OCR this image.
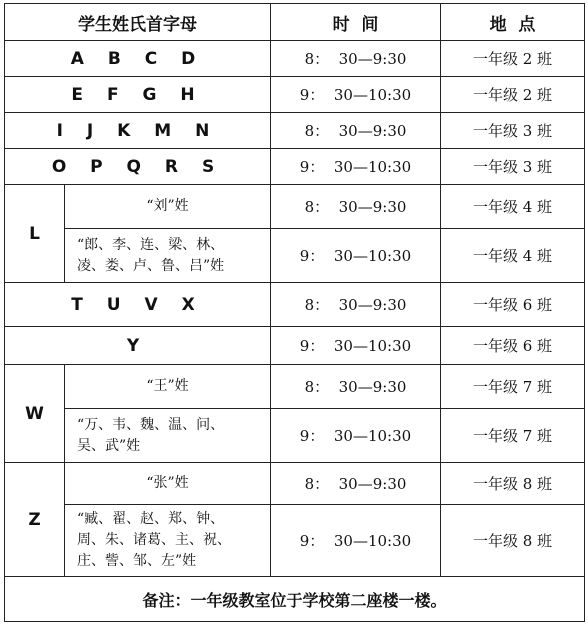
学生姓氏首字母		时  间	地  点
A B C D		8：  30—9:30	一年级 2 班
E F G H		9：  30—10:30	一年级 2 班
I J K M N		8：  30—9:30	一年级 3 班
O P Q R S		9：  30—10:30	一年级 3 班
L	“刘”姓	8：  30—9:30	一年级 4 班

	“郎、李、连、梁、林、
凌、娄、卢、鲁、吕”姓	9：  30—10:30	一年级 4 班
T U V X		8：  30—9:30	一年级 6 班
Y		9：  30—10:30	一年级 6 班
W	“王”姓	8：  30—9:30	一年级 7 班

	“万、韦、魏、温、问、
吴、武”姓	9：  30—10:30	一年级 7 班
Z	“张”姓	8：  30—9:30	一年级 8 班

	“臧、翟、赵、郑、钟、
周、朱、诸葛、主、祝、
庄、訾、邹、左”姓	9：  30—10:30	一年级 8 班
备注：一年级教室位于学校第二座楼一楼。			
